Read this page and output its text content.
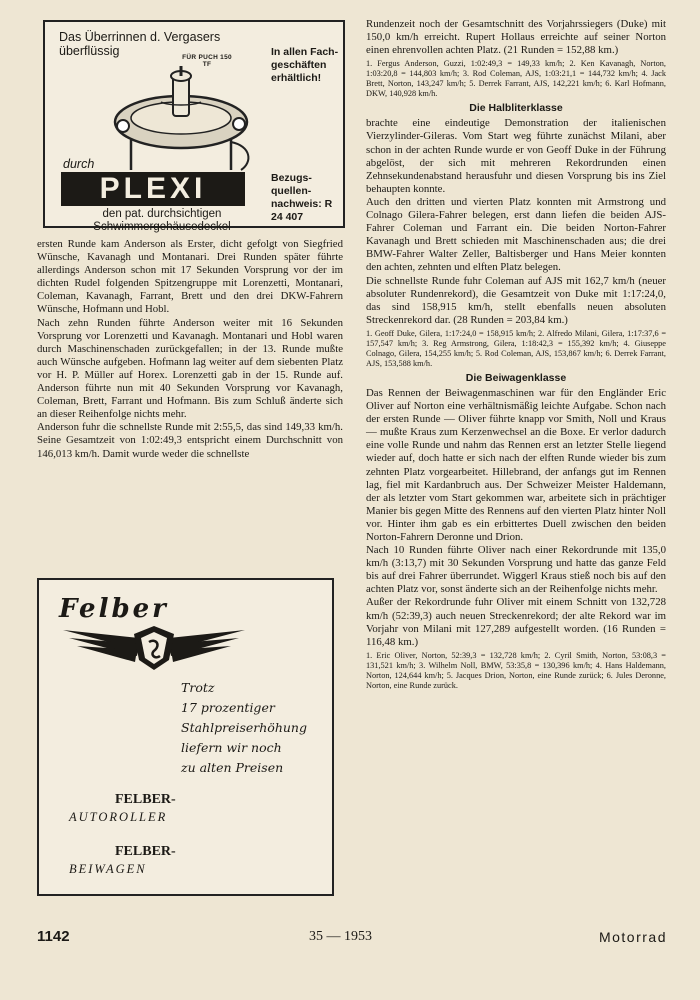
Das Überrinnen d. Vergasers überflüssig	FÜR PUCH 150 TF
durch
PLEXI
den pat. durchsichtigen Schwimmergehäusedeckel
In allen Fach-geschäften erhältlich!
Bezugs-quellen-nachweis: R 24 407

ersten Runde kam Anderson als Erster, dicht gefolgt von Siegfried Wünsche, Kavanagh und Montanari. Drei Runden später führte allerdings Anderson schon mit 17 Sekunden Vorsprung vor der im dichten Rudel folgenden Spitzengruppe mit Lorenzetti, Montanari, Coleman, Kavanagh, Farrant, Brett und den drei DKW-Fahrern Wünsche, Hofmann und Hobl.

Nach zehn Runden führte Anderson weiter mit 16 Sekunden Vorsprung vor Lorenzetti und Kavanagh. Montanari und Hobl waren durch Maschinenschaden zurückgefallen; in der 13. Runde mußte auch Wünsche aufgeben. Hofmann lag weiter auf dem siebenten Platz vor H. P. Müller auf Horex. Lorenzetti gab in der 15. Runde auf. Anderson führte nun mit 40 Sekunden Vorsprung vor Kavanagh, Coleman, Brett, Farrant und Hofmann. Bis zum Schluß änderte sich an dieser Reihenfolge nichts mehr.

Anderson fuhr die schnellste Runde mit 2:55,5, das sind 149,33 km/h. Seine Gesamtzeit von 1:02:49,3 entspricht einem Durchschnitt von 146,013 km/h. Damit wurde weder die schnellste

Felber
Trotz
17 prozentiger
Stahlpreiserhöhung
liefern wir noch
zu alten Preisen
FELBER-
AUTOROLLER
FELBER-
BEIWAGEN

Rundenzeit noch der Gesamtschnitt des Vorjahrssiegers (Duke) mit 150,0 km/h erreicht. Rupert Hollaus erreichte auf seiner Norton einen ehrenvollen achten Platz. (21 Runden = 152,88 km.)

1. Fergus Anderson, Guzzi, 1:02:49,3 = 149,33 km/h; 2. Ken Kavanagh, Norton, 1:03:20,8 = 144,803 km/h; 3. Rod Coleman, AJS, 1:03:21,1 = 144,732 km/h; 4. Jack Brett, Norton, 143,247 km/h; 5. Derrek Farrant, AJS, 142,221 km/h; 6. Karl Hofmann, DKW, 140,928 km/h.

Die Halbliterklasse

brachte eine eindeutige Demonstration der italienischen Vierzylinder-Gileras. Vom Start weg führte zunächst Milani, aber schon in der achten Runde wurde er von Geoff Duke in der Führung abgelöst, der sich mit mehreren Rekordrunden einen Zehnsekundenabstand herausfuhr und diesen Vorsprung bis ins Ziel behaupten konnte.

Auch den dritten und vierten Platz konnten mit Armstrong und Colnago Gilera-Fahrer belegen, erst dann liefen die beiden AJS-Fahrer Coleman und Farrant ein. Die beiden Norton-Fahrer Kavanagh und Brett schieden mit Maschinenschaden aus; die drei BMW-Fahrer Walter Zeller, Baltisberger und Hans Meier konnten den achten, zehnten und elften Platz belegen.

Die schnellste Runde fuhr Coleman auf AJS mit 162,7 km/h (neuer absoluter Rundenrekord), die Gesamtzeit von Duke mit 1:17:24,0, das sind 158,915 km/h, stellt ebenfalls neuen absoluten Streckenrekord dar. (28 Runden = 203,84 km.)

1. Geoff Duke, Gilera, 1:17:24,0 = 158,915 km/h; 2. Alfredo Milani, Gilera, 1:17:37,6 = 157,547 km/h; 3. Reg Armstrong, Gilera, 1:18:42,3 = 155,392 km/h; 4. Giuseppe Colnago, Gilera, 154,255 km/h; 5. Rod Coleman, AJS, 153,867 km/h; 6. Derrek Farrant, AJS, 153,588 km/h.

Die Beiwagenklasse

Das Rennen der Beiwagenmaschinen war für den Engländer Eric Oliver auf Norton eine verhältnismäßig leichte Aufgabe. Schon nach der ersten Runde — Oliver führte knapp vor Smith, Noll und Kraus — mußte Kraus zum Kerzenwechsel an die Boxe. Er verlor dadurch eine volle Runde und nahm das Rennen erst an letzter Stelle liegend wieder auf, doch hatte er sich nach der elften Runde wieder bis zum zehnten Platz vorgearbeitet. Hillebrand, der anfangs gut im Rennen lag, fiel mit Kardanbruch aus. Der Schweizer Meister Haldemann, der als letzter vom Start gekommen war, arbeitete sich in prächtiger Manier bis gegen Mitte des Rennens auf den vierten Platz hinter Noll vor. Hinter ihm gab es ein erbittertes Duell zwischen den beiden Norton-Fahrern Deronne und Drion.

Nach 10 Runden führte Oliver nach einer Rekordrunde mit 135,0 km/h (3:13,7) mit 30 Sekunden Vorsprung und hatte das ganze Feld bis auf drei Fahrer überrundet. Wiggerl Kraus stieß noch bis auf den achten Platz vor, sonst änderte sich an der Reihenfolge nichts mehr.

Außer der Rekordrunde fuhr Oliver mit einem Schnitt von 132,728 km/h (52:39,3) auch neuen Streckenrekord; der alte Rekord war im Vorjahr von Milani mit 127,289 aufgestellt worden. (16 Runden = 116,48 km.)

1. Eric Oliver, Norton, 52:39,3 = 132,728 km/h; 2. Cyril Smith, Norton, 53:08,3 = 131,521 km/h; 3. Wilhelm Noll, BMW, 53:35,8 = 130,396 km/h; 4. Hans Haldemann, Norton, 124,644 km/h; 5. Jacques Drion, Norton, eine Runde zurück; 6. Jules Deronne, Norton, eine Runde zurück.

1142	35 — 1953	Motorrad
